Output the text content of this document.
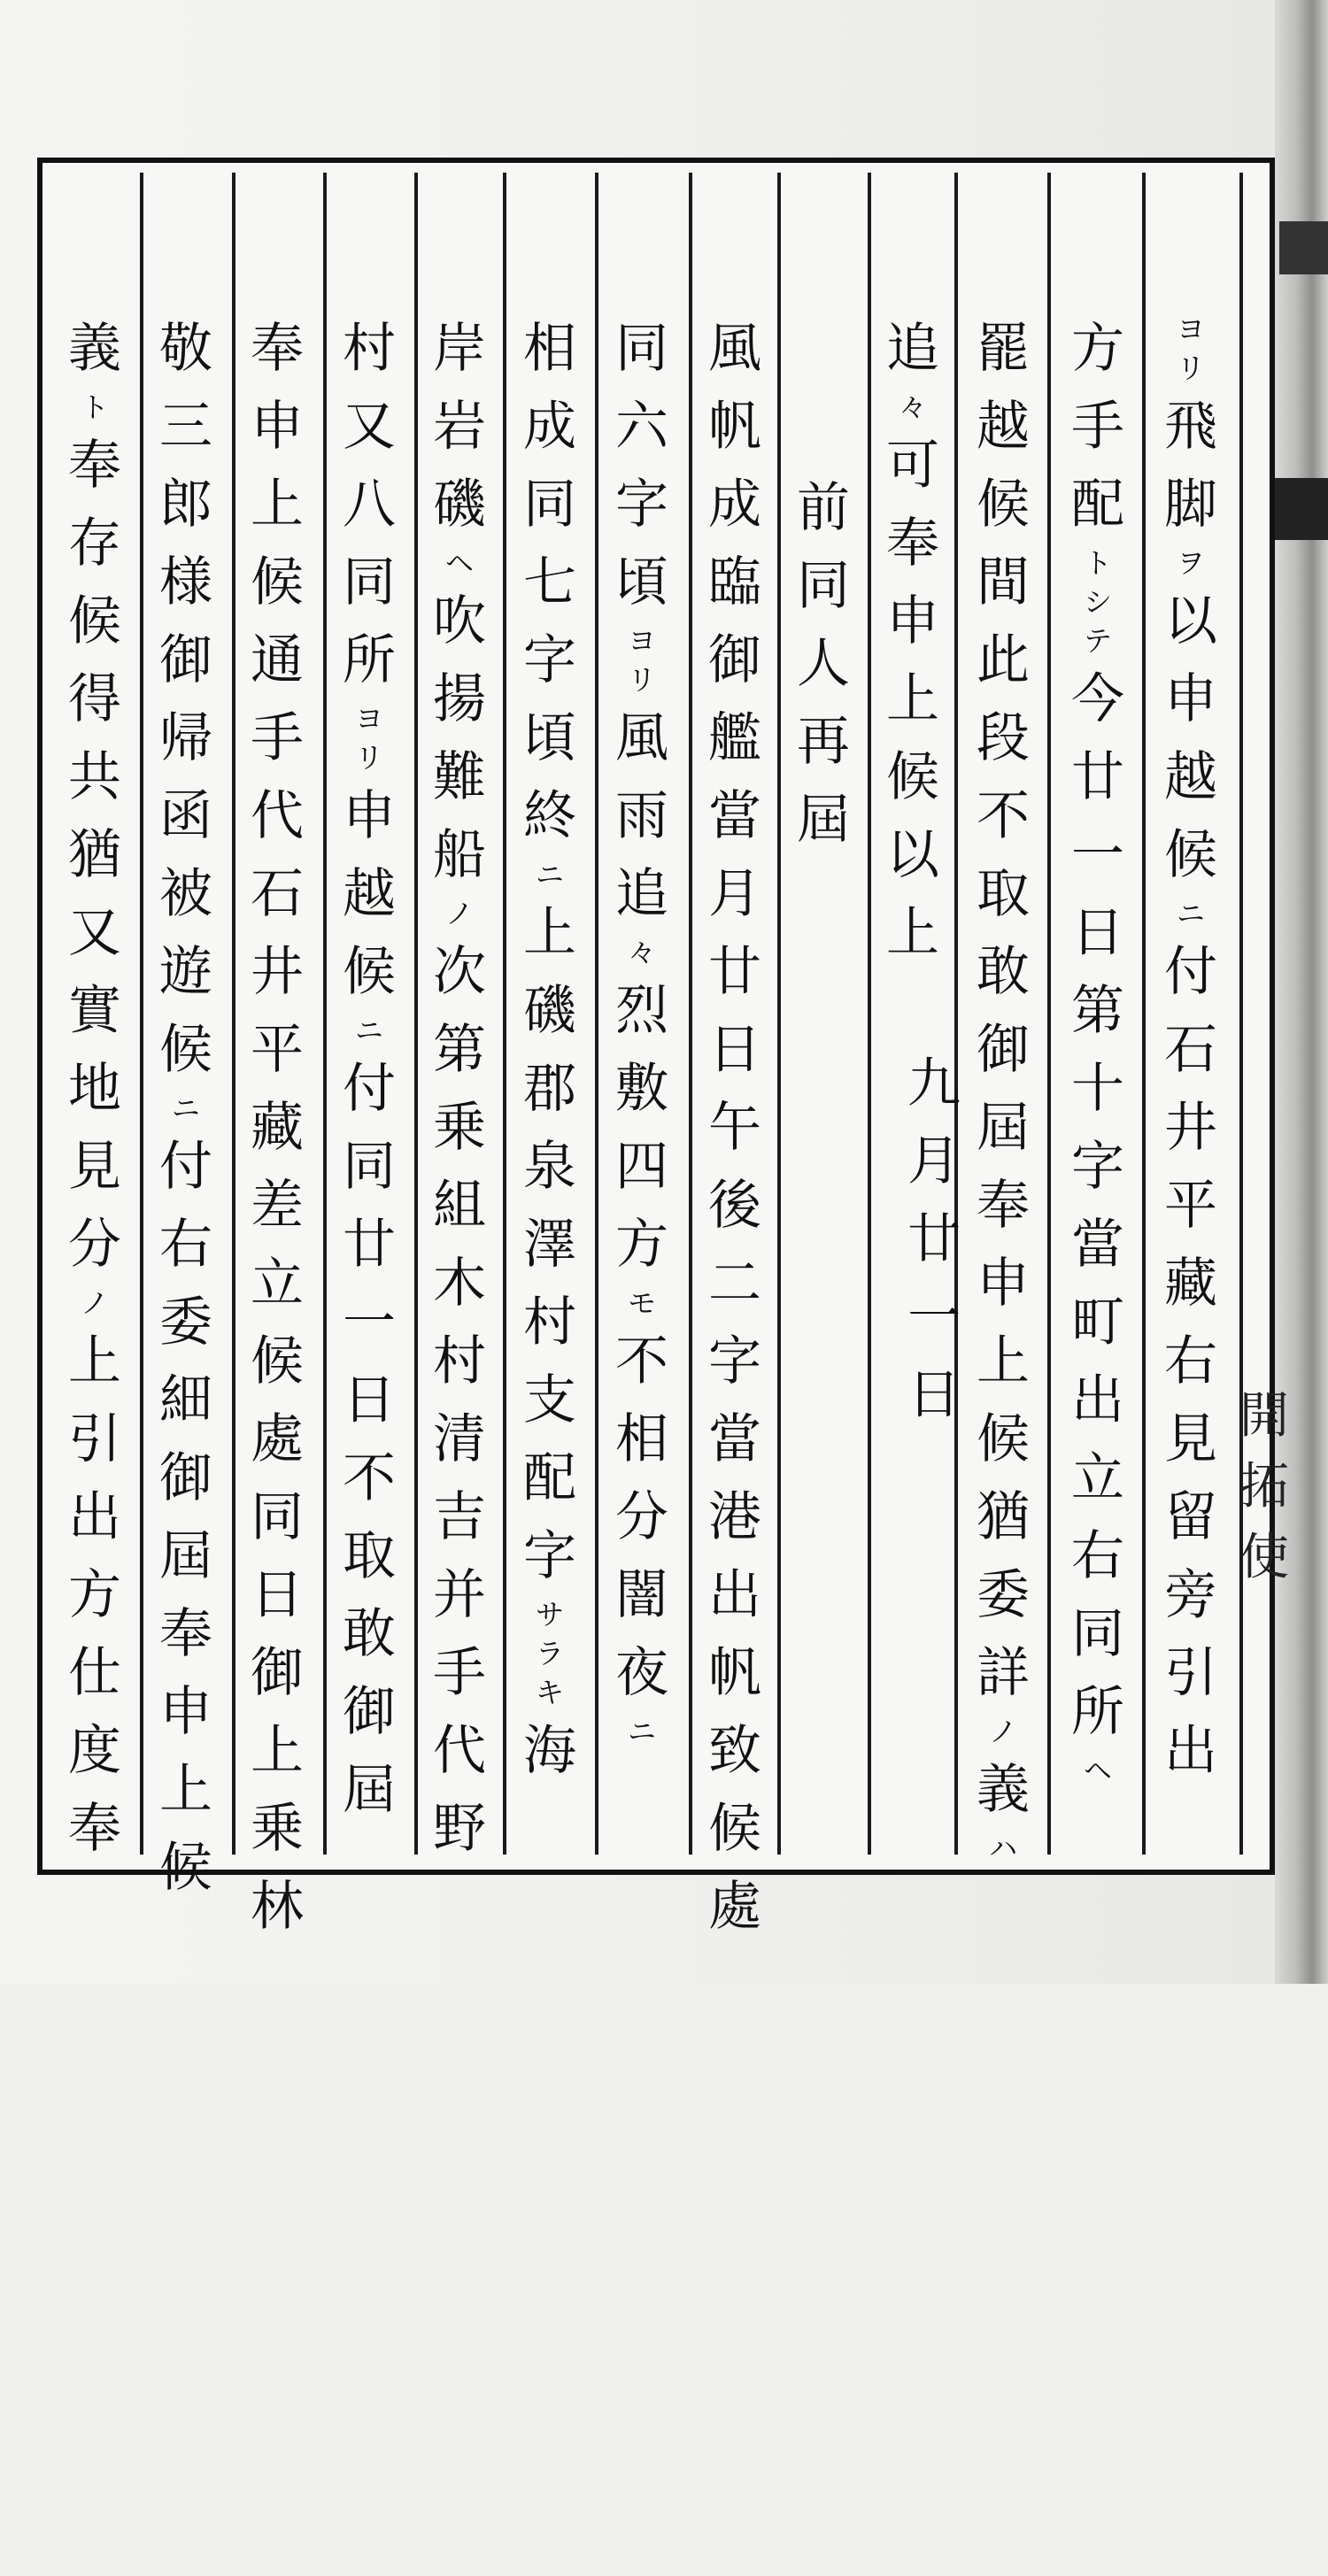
ヨ
リ
飛
脚
ヲ
以
申
越
候
ニ
付
石
井
平
藏
右
見
留
旁
引
出
方
手
配
ト
シ
テ
今
廿
一
日
第
十
字
當
町
出
立
右
同
所
ヘ
罷
越
候
間
此
段
不
取
敢
御
屆
奉
申
上
候
猶
委
詳
ノ
義
ハ
追
々
可
奉
申
上
候
以
上
九
月
廿
一
日
前
同
人
再
屆
風
帆
成
臨
御
艦
當
月
廿
日
午
後
二
字
當
港
出
帆
致
候
處
同
六
字
頃
ヨ
リ
風
雨
追
々
烈
敷
四
方
モ
不
相
分
闇
夜
ニ
相
成
同
七
字
頃
終
ニ
上
磯
郡
泉
澤
村
支
配
字
サ
ラ
キ
海
岸
岩
磯
ヘ
吹
揚
難
船
ノ
次
第
乗
組
木
村
清
吉
并
手
代
野
村
又
八
同
所
ヨ
リ
申
越
候
ニ
付
同
廿
一
日
不
取
敢
御
屆
奉
申
上
候
通
手
代
石
井
平
藏
差
立
候
處
同
日
御
上
乗
林
敬
三
郎
様
御
帰
函
被
遊
候
ニ
付
右
委
細
御
屆
奉
申
上
候
義
ト
奉
存
候
得
共
猶
又
實
地
見
分
ノ
上
引
出
方
仕
度
奉
開
拓
使
